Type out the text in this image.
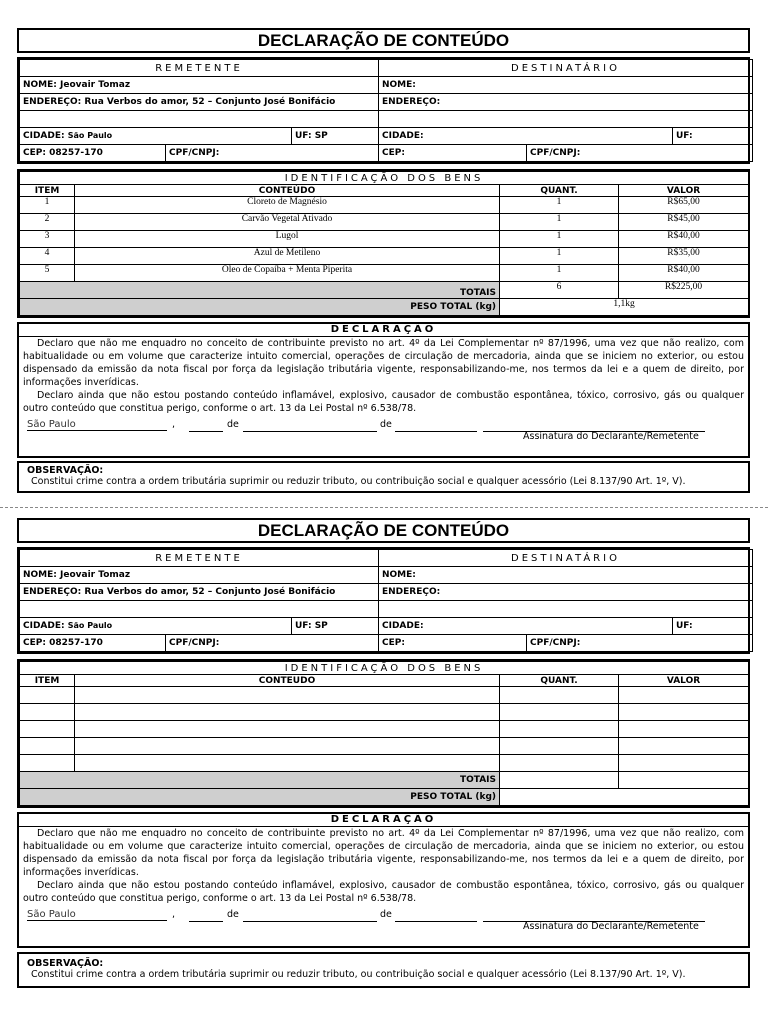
DECLARAÇÃO DE CONTEÚDO
REMETENTE			DESTINATÁRIO		
NOME: Jeovair Tomaz			NOME:		
ENDEREÇO: Rua Verbos do amor, 52 – Conjunto José Bonifácio			ENDEREÇO:		

CIDADE: São Paulo		UF: SP	CIDADE:		UF:
CEP: 08257-170	CPF/CNPJ:		CEP:	CPF/CNPJ:	
IDENTIFICAÇÃO DOS BENS			
ITEM	CONTEÚDO	QUANT.	VALOR
1	Cloreto de Magnésio	1	R$65,00
2	Carvão Vegetal Ativado	1	R$45,00
3	Lugol	1	R$40,00
4	Azul de Metileno	1	R$35,00
5	Óleo de Copaíba + Menta Piperita	1	R$40,00
TOTAIS		6	R$225,00
PESO TOTAL (kg)		1,1kg	
DECLARAÇÃO

Declaro que não me enquadro no conceito de contribuinte previsto no art. 4º da Lei Complementar nº 87/1996, uma vez que não realizo, com habitualidade ou em volume que caracterize intuito comercial, operações de circulação de mercadoria, ainda que se iniciem no exterior, ou estou dispensado da emissão da nota fiscal por força da legislação tributária vigente, responsabilizando-me, nos termos da lei e a quem de direito, por informações inverídicas.

Declaro ainda que não estou postando conteúdo inflamável, explosivo, causador de combustão espontânea, tóxico, corrosivo, gás ou qualquer outro conteúdo que constitua perigo, conforme o art. 13 da Lei Postal nº 6.538/78.

São Paulo	,	de	de
Assinatura do Declarante/Remetente
OBSERVAÇÃO:
Constitui crime contra a ordem tributária suprimir ou reduzir tributo, ou contribuição social e qualquer acessório (Lei 8.137/90 Art. 1º, V).
DECLARAÇÃO DE CONTEÚDO
REMETENTE			DESTINATÁRIO		
NOME: Jeovair Tomaz			NOME:		
ENDEREÇO: Rua Verbos do amor, 52 – Conjunto José Bonifácio			ENDEREÇO:		

CIDADE: São Paulo		UF: SP	CIDADE:		UF:
CEP: 08257-170	CPF/CNPJ:		CEP:	CPF/CNPJ:	
IDENTIFICAÇÃO DOS BENS			
ITEM	CONTEUDO	QUANT.	VALOR

TOTAIS			
PESO TOTAL (kg)			
DECLARAÇÃO

Declaro que não me enquadro no conceito de contribuinte previsto no art. 4º da Lei Complementar nº 87/1996, uma vez que não realizo, com habitualidade ou em volume que caracterize intuito comercial, operações de circulação de mercadoria, ainda que se iniciem no exterior, ou estou dispensado da emissão da nota fiscal por força da legislação tributária vigente, responsabilizando-me, nos termos da lei e a quem de direito, por informações inverídicas.

Declaro ainda que não estou postando conteúdo inflamável, explosivo, causador de combustão espontânea, tóxico, corrosivo, gás ou qualquer outro conteúdo que constitua perigo, conforme o art. 13 da Lei Postal nº 6.538/78.

São Paulo	,	de	de
Assinatura do Declarante/Remetente
OBSERVAÇÃO:
Constitui crime contra a ordem tributária suprimir ou reduzir tributo, ou contribuição social e qualquer acessório (Lei 8.137/90 Art. 1º, V).
